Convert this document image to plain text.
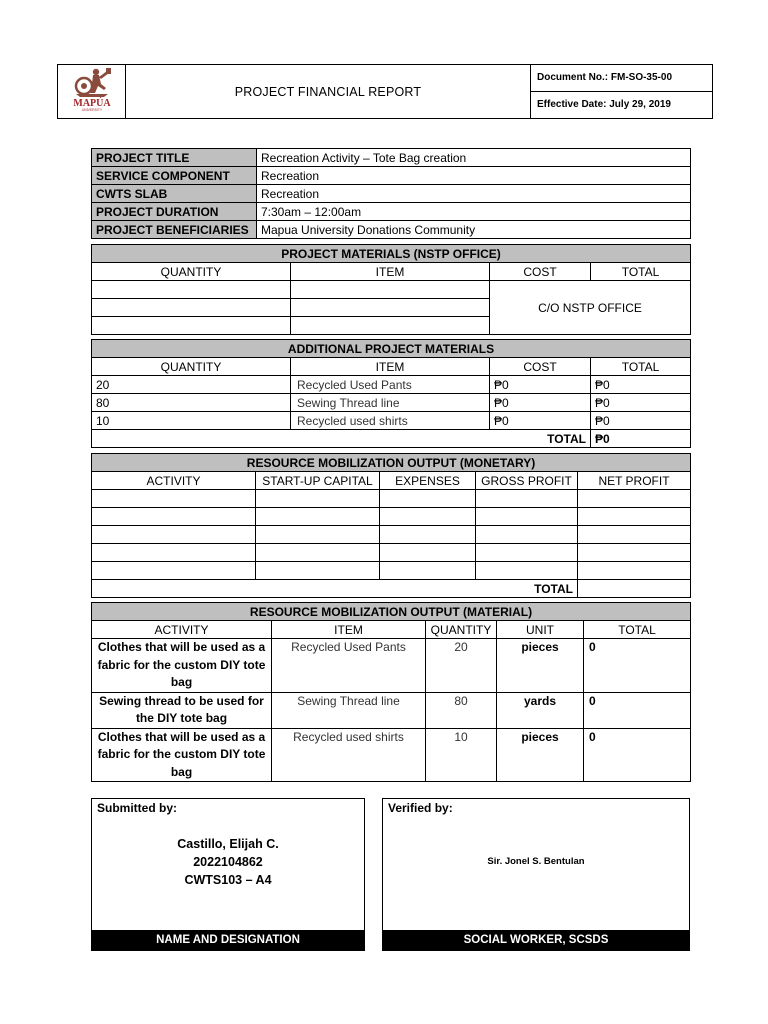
MAPÚA
UNIVERSITY
	PROJECT FINANCIAL REPORT	Document No.: FM-SO-35-00
Effective Date: July 29, 2019
PROJECT TITLE	Recreation Activity – Tote Bag creation
SERVICE COMPONENT	Recreation
CWTS SLAB	Recreation
PROJECT DURATION	7:30am – 12:00am
PROJECT BENEFICIARIES	Mapua University Donations Community
PROJECT MATERIALS (NSTP OFFICE)			
QUANTITY	ITEM	COST	TOTAL
		C/O NSTP OFFICE	

ADDITIONAL PROJECT MATERIALS			
QUANTITY	ITEM	COST	TOTAL
20	Recycled Used Pants	₱0	₱0
80	Sewing Thread line	₱0	₱0
10	Recycled used shirts	₱0	₱0
TOTAL			₱0
RESOURCE MOBILIZATION OUTPUT (MONETARY)				
ACTIVITY	START-UP CAPITAL	EXPENSES	GROSS PROFIT	NET PROFIT

TOTAL				
RESOURCE MOBILIZATION OUTPUT (MATERIAL)				
ACTIVITY	ITEM	QUANTITY	UNIT	TOTAL
Clothes that will be used as a fabric for the custom DIY tote bag	Recycled Used Pants	20	pieces	0
Sewing thread to be used for the DIY tote bag	Sewing Thread line	80	yards	0
Clothes that will be used as a fabric for the custom DIY tote bag	Recycled used shirts	10	pieces	0
Submitted by:
Castillo, Elijah C.
2022104862
CWTS103 – A4
NAME AND DESIGNATION
Verified by:
Sir. Jonel S. Bentulan
SOCIAL WORKER, SCSDS
